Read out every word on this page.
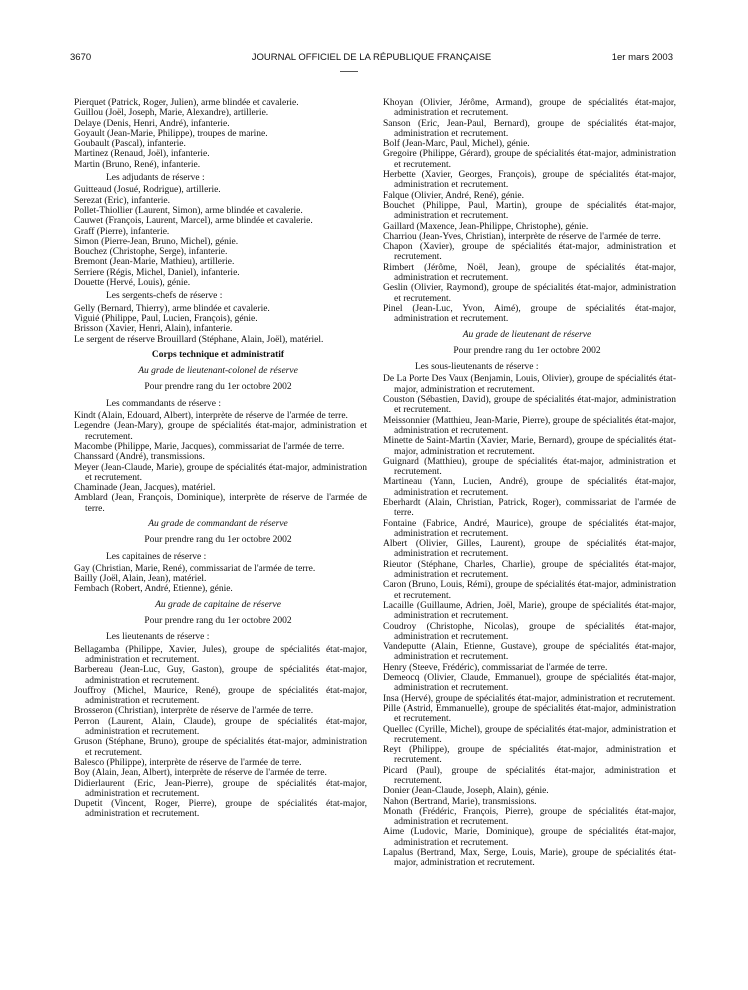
3670	JOURNAL OFFICIEL DE LA RÉPUBLIQUE FRANÇAISE	1er mars 2003

Pierquet (Patrick, Roger, Julien), arme blindée et cavalerie.

Guillou (Joël, Joseph, Marie, Alexandre), artillerie.

Delaye (Denis, Henri, André), infanterie.

Goyault (Jean-Marie, Philippe), troupes de marine.

Goubault (Pascal), infanterie.

Martinez (Renaud, Joël), infanterie.

Martin (Bruno, René), infanterie.

Les adjudants de réserve :

Guitteaud (Josué, Rodrigue), artillerie.

Serezat (Eric), infanterie.

Pollet-Thiollier (Laurent, Simon), arme blindée et cavalerie.

Cauwet (François, Laurent, Marcel), arme blindée et cavalerie.

Graff (Pierre), infanterie.

Simon (Pierre-Jean, Bruno, Michel), génie.

Bouchez (Christophe, Serge), infanterie.

Bremont (Jean-Marie, Mathieu), artillerie.

Serriere (Régis, Michel, Daniel), infanterie.

Douette (Hervé, Louis), génie.

Les sergents-chefs de réserve :

Gelly (Bernard, Thierry), arme blindée et cavalerie.

Viguié (Philippe, Paul, Lucien, François), génie.

Brisson (Xavier, Henri, Alain), infanterie.

Le sergent de réserve Brouillard (Stéphane, Alain, Joël), matériel.

Corps technique et administratif

Au grade de lieutenant-colonel de réserve

Pour prendre rang du 1er octobre 2002

Les commandants de réserve :

Kindt (Alain, Edouard, Albert), interprète de réserve de l'armée de terre.

Legendre (Jean-Mary), groupe de spécialités état-major, administration et recrutement.

Macombe (Philippe, Marie, Jacques), commissariat de l'armée de terre.

Chanssard (André), transmissions.

Meyer (Jean-Claude, Marie), groupe de spécialités état-major, administration et recrutement.

Chaminade (Jean, Jacques), matériel.

Amblard (Jean, François, Dominique), interprète de réserve de l'armée de terre.

Au grade de commandant de réserve

Pour prendre rang du 1er octobre 2002

Les capitaines de réserve :

Gay (Christian, Marie, René), commissariat de l'armée de terre.

Bailly (Joël, Alain, Jean), matériel.

Fembach (Robert, André, Etienne), génie.

Au grade de capitaine de réserve

Pour prendre rang du 1er octobre 2002

Les lieutenants de réserve :

Bellagamba (Philippe, Xavier, Jules), groupe de spécialités état-major, administration et recrutement.

Barbereau (Jean-Luc, Guy, Gaston), groupe de spécialités état-major, administration et recrutement.

Jouffroy (Michel, Maurice, René), groupe de spécialités état-major, administration et recrutement.

Brosseron (Christian), interprète de réserve de l'armée de terre.

Perron (Laurent, Alain, Claude), groupe de spécialités état-major, administration et recrutement.

Gruson (Stéphane, Bruno), groupe de spécialités état-major, administration et recrutement.

Balesco (Philippe), interprète de réserve de l'armée de terre.

Boy (Alain, Jean, Albert), interprète de réserve de l'armée de terre.

Didierlaurent (Eric, Jean-Pierre), groupe de spécialités état-major, administration et recrutement.

Dupetit (Vincent, Roger, Pierre), groupe de spécialités état-major, administration et recrutement.

Khoyan (Olivier, Jérôme, Armand), groupe de spécialités état-major, administration et recrutement.

Sanson (Eric, Jean-Paul, Bernard), groupe de spécialités état-major, administration et recrutement.

Bolf (Jean-Marc, Paul, Michel), génie.

Gregoire (Philippe, Gérard), groupe de spécialités état-major, administration et recrutement.

Herbette (Xavier, Georges, François), groupe de spécialités état-major, administration et recrutement.

Falque (Olivier, André, René), génie.

Bouchet (Philippe, Paul, Martin), groupe de spécialités état-major, administration et recrutement.

Gaillard (Maxence, Jean-Philippe, Christophe), génie.

Charriou (Jean-Yves, Christian), interprète de réserve de l'armée de terre.

Chapon (Xavier), groupe de spécialités état-major, administration et recrutement.

Rimbert (Jérôme, Noël, Jean), groupe de spécialités état-major, administration et recrutement.

Geslin (Olivier, Raymond), groupe de spécialités état-major, administration et recrutement.

Pinel (Jean-Luc, Yvon, Aimé), groupe de spécialités état-major, administration et recrutement.

Au grade de lieutenant de réserve

Pour prendre rang du 1er octobre 2002

Les sous-lieutenants de réserve :

De La Porte Des Vaux (Benjamin, Louis, Olivier), groupe de spécialités état-major, administration et recrutement.

Couston (Sébastien, David), groupe de spécialités état-major, administration et recrutement.

Meissonnier (Matthieu, Jean-Marie, Pierre), groupe de spécialités état-major, administration et recrutement.

Minette de Saint-Martin (Xavier, Marie, Bernard), groupe de spécialités état-major, administration et recrutement.

Guignard (Matthieu), groupe de spécialités état-major, administration et recrutement.

Martineau (Yann, Lucien, André), groupe de spécialités état-major, administration et recrutement.

Eberhardt (Alain, Christian, Patrick, Roger), commissariat de l'armée de terre.

Fontaine (Fabrice, André, Maurice), groupe de spécialités état-major, administration et recrutement.

Albert (Olivier, Gilles, Laurent), groupe de spécialités état-major, administration et recrutement.

Rieutor (Stéphane, Charles, Charlie), groupe de spécialités état-major, administration et recrutement.

Caron (Bruno, Louis, Rémi), groupe de spécialités état-major, administration et recrutement.

Lacaille (Guillaume, Adrien, Joël, Marie), groupe de spécialités état-major, administration et recrutement.

Coudroy (Christophe, Nicolas), groupe de spécialités état-major, administration et recrutement.

Vandeputte (Alain, Etienne, Gustave), groupe de spécialités état-major, administration et recrutement.

Henry (Steeve, Frédéric), commissariat de l'armée de terre.

Demeocq (Olivier, Claude, Emmanuel), groupe de spécialités état-major, administration et recrutement.

Insa (Hervé), groupe de spécialités état-major, administration et recrutement.

Pille (Astrid, Emmanuelle), groupe de spécialités état-major, administration et recrutement.

Quellec (Cyrille, Michel), groupe de spécialités état-major, administration et recrutement.

Reyt (Philippe), groupe de spécialités état-major, administration et recrutement.

Picard (Paul), groupe de spécialités état-major, administration et recrutement.

Donier (Jean-Claude, Joseph, Alain), génie.

Nahon (Bertrand, Marie), transmissions.

Monath (Frédéric, François, Pierre), groupe de spécialités état-major, administration et recrutement.

Aime (Ludovic, Marie, Dominique), groupe de spécialités état-major, administration et recrutement.

Lapalus (Bertrand, Max, Serge, Louis, Marie), groupe de spécialités état-major, administration et recrutement.
